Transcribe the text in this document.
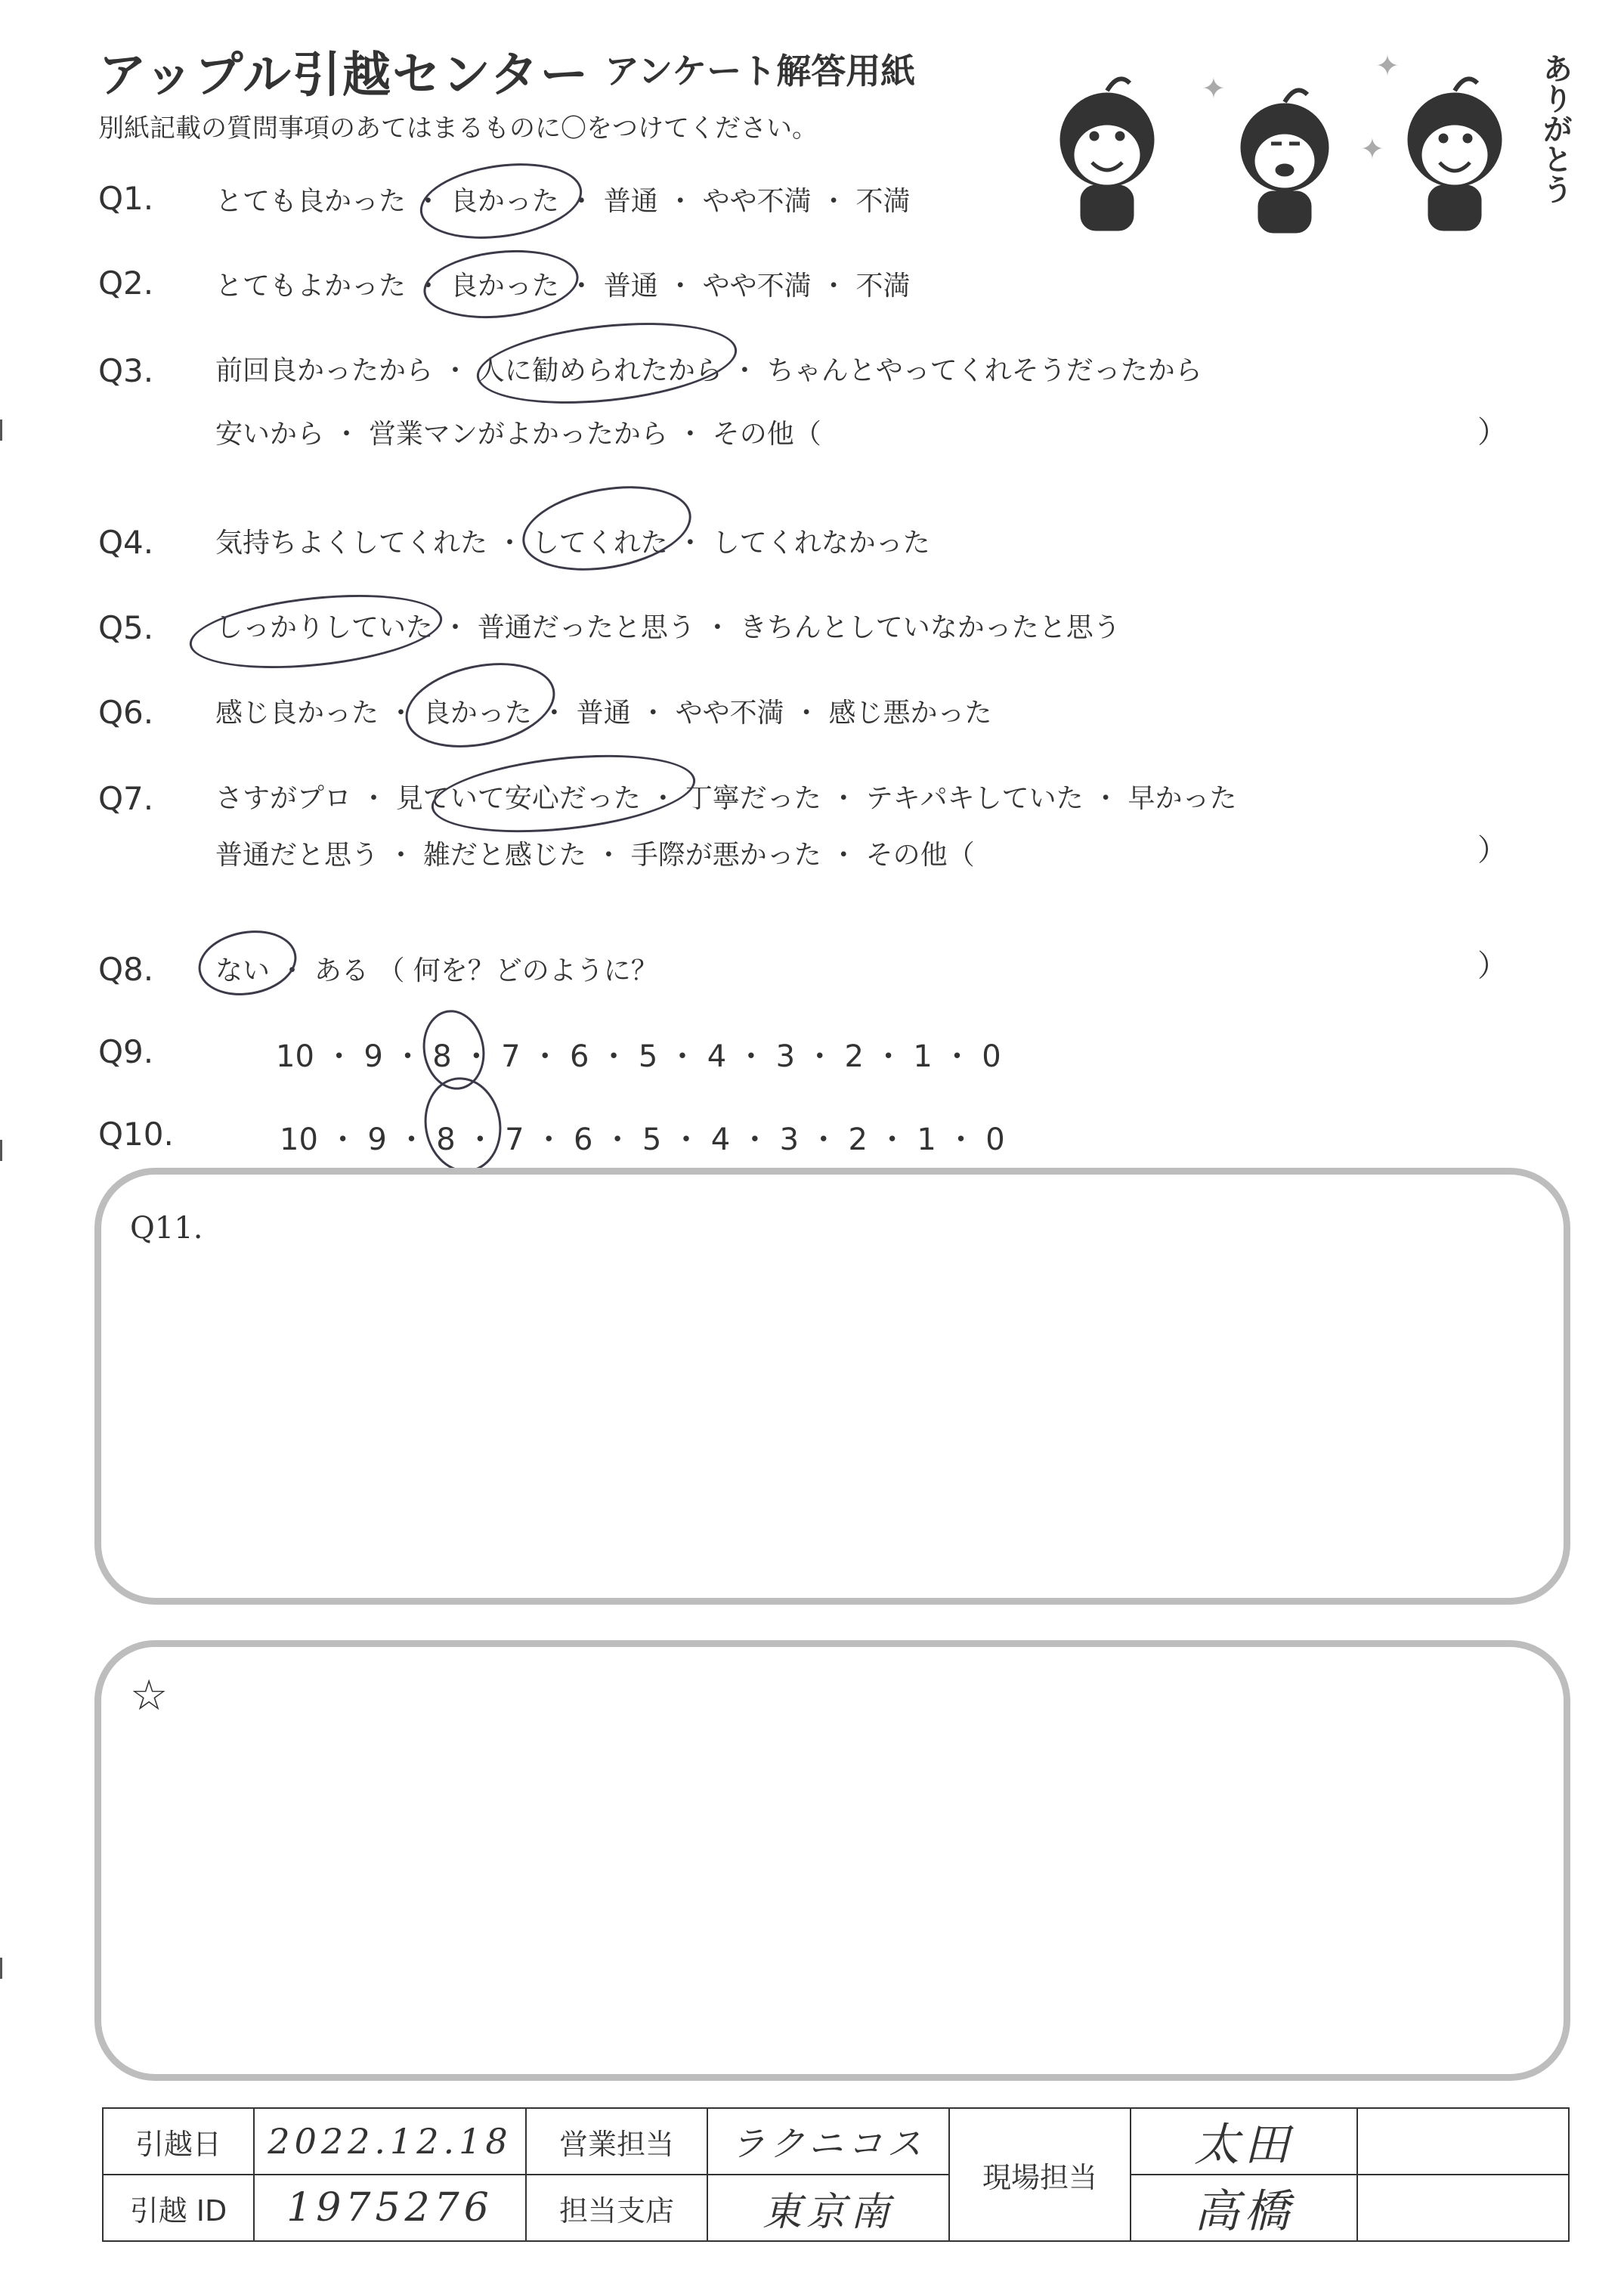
アップル引越センター アンケート解答用紙
別紙記載の質問事項のあてはまるものに〇をつけてください。
✦
✦
✦	ありがとう
Q1. とても良かった ・ 良かった ・ 普通 ・ やや不満 ・ 不満
Q2. とてもよかった ・ 良かった ・ 普通 ・ やや不満 ・ 不満
Q3. 前回良かったから ・ 人に勧められたから ・ ちゃんとやってくれそうだったから
安いから ・ 営業マンがよかったから ・ その他（	）
Q4. 気持ちよくしてくれた ・ してくれた ・ してくれなかった
Q5. しっかりしていた ・ 普通だったと思う ・ きちんとしていなかったと思う
Q6. 感じ良かった ・ 良かった ・ 普通 ・ やや不満 ・ 感じ悪かった
Q7. さすがプロ ・ 見ていて安心だった ・ 丁寧だった ・ テキパキしていた ・ 早かった
普通だと思う ・ 雑だと感じた ・ 手際が悪かった ・ その他（	）
Q8. ない ・ ある （ 何を？どのように？	）
Q9.	10 ・ 9 ・ 8 ・ 7 ・ 6 ・ 5 ・ 4 ・ 3 ・ 2 ・ 1 ・ 0
Q10.	10 ・ 9 ・ 8 ・ 7 ・ 6 ・ 5 ・ 4 ・ 3 ・ 2 ・ 1 ・ 0
Q11.
☆
引越日	2022.12.18	営業担当	ラクニコス	現場担当	太田	
引越 ID	1975276	担当支店	東京南		高橋	
